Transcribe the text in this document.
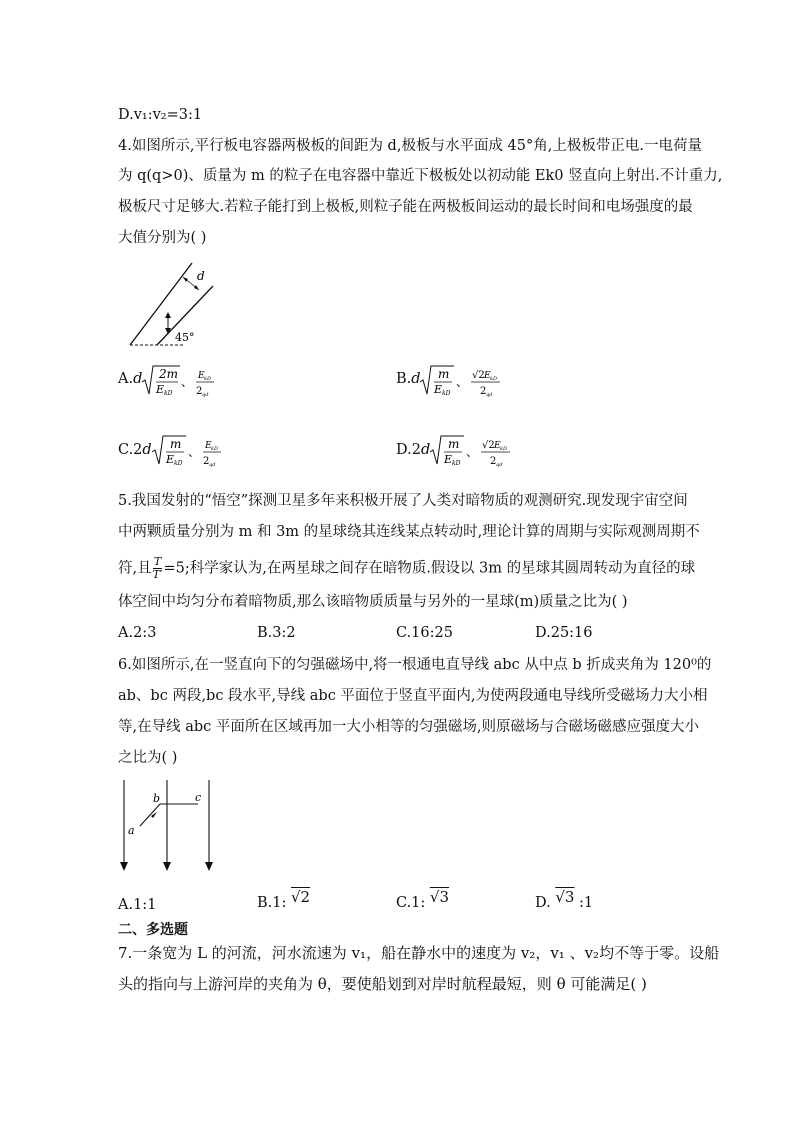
D.v₁:v₂=3:1
4.如图所示,平行板电容器两极板的间距为 d,极板与水平面成 45°角,上极板带正电.一电荷量
为 q(q>0)、质量为 m 的粒子在电容器中靠近下极板处以初动能 Ek0 竖直向上射出.不计重力,
极板尺寸足够大.若粒子能打到上极板,则粒子能在两极板间运动的最长时间和电场强度的最
大值分别为( )
d
45°
A.d 2m
E kD
、 E kD
2 qd
B.d m
E kD
、 √2 E kD
2 qd
C.2d m
E kD
、 E kD
2 qd
D.2d m
E kD
、 √2 E kD
2 qd
5.我国发射的“悟空”探测卫星多年来积极开展了人类对暗物质的观测研究.现发现宇宙空间
中两颗质量分别为 m 和 3m 的星球绕其连线某点转动时,理论计算的周期与实际观测周期不
符,且 $\frac{T}{T'} =5$;科学家认为,在两星球之间存在暗物质.假设以 3m 的星球其圆周转动为直径的球
体空间中均匀分布着暗物质,那么该暗物质质量与另外的一星球(m)质量之比为( )
A.2:3	B.3:2	C.16:25	D.25:16
6.如图所示,在一竖直向下的匀强磁场中,将一根通电直导线 abc 从中点 b 折成夹角为 120⁰的
ab、bc 两段,bc 段水平,导线 abc 平面位于竖直平面内,为使两段通电导线所受磁场力大小相
等,在导线 abc 平面所在区域再加一大小相等的匀强磁场,则原磁场与合磁场磁感应强度大小
之比为( )
a
b	c
A.1:1	B.1: √2	C.1: √3	D. √3 :1
二、多选题
7.一条宽为 L 的河流，河水流速为 v₁，船在静水中的速度为 v₂，v₁ 、v₂均不等于零。设船
头的指向与上游河岸的夹角为 θ，要使船划到对岸时航程最短，则 θ 可能满足( )
